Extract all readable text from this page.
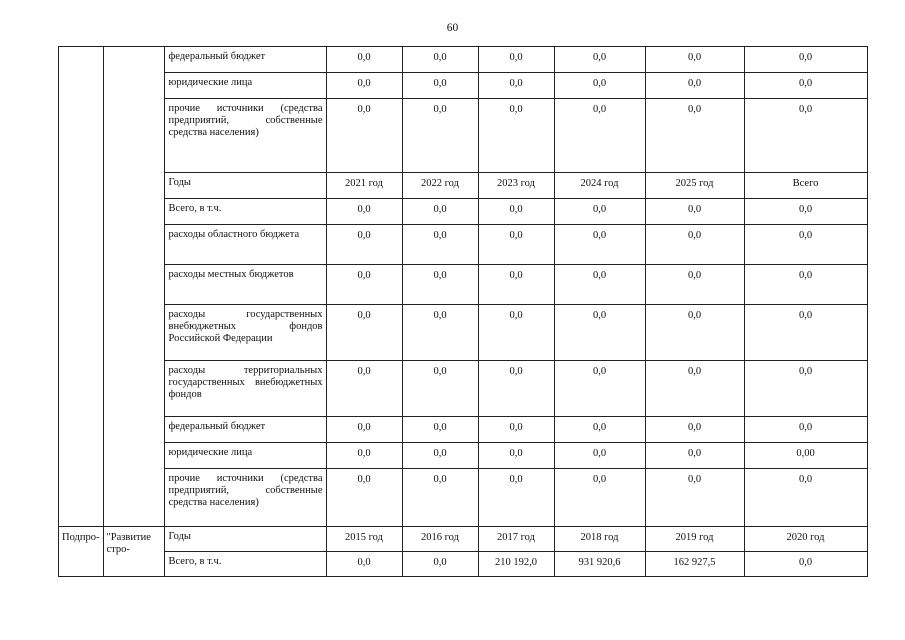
60
		федеральный бюджет	0,0	0,0	0,0	0,0	0,0	0,0
		юридические лица	0,0	0,0	0,0	0,0	0,0	0,0
		прочие источники (средства предприятий, собственные средства населения)	0,0	0,0	0,0	0,0	0,0	0,0
		Годы	2021 год	2022 год	2023 год	2024 год	2025 год	Всего
		Всего, в т.ч.	0,0	0,0	0,0	0,0	0,0	0,0
		расходы областного бюджета	0,0	0,0	0,0	0,0	0,0	0,0
		расходы местных бюджетов	0,0	0,0	0,0	0,0	0,0	0,0
		расходы государственных внебюджетных фондов Российской Федерации	0,0	0,0	0,0	0,0	0,0	0,0
		расходы территориальных государственных внебюджетных фондов	0,0	0,0	0,0	0,0	0,0	0,0
		федеральный бюджет	0,0	0,0	0,0	0,0	0,0	0,0
		юридические лица	0,0	0,0	0,0	0,0	0,0	0,00
		прочие источники (средства предприятий, собственные средства населения)	0,0	0,0	0,0	0,0	0,0	0,0
Подпро-	"Развитие стро-	Годы	2015 год	2016 год	2017 год	2018 год	2019 год	2020 год
		Всего, в т.ч.	0,0	0,0	210 192,0	931 920,6	162 927,5	0,0
